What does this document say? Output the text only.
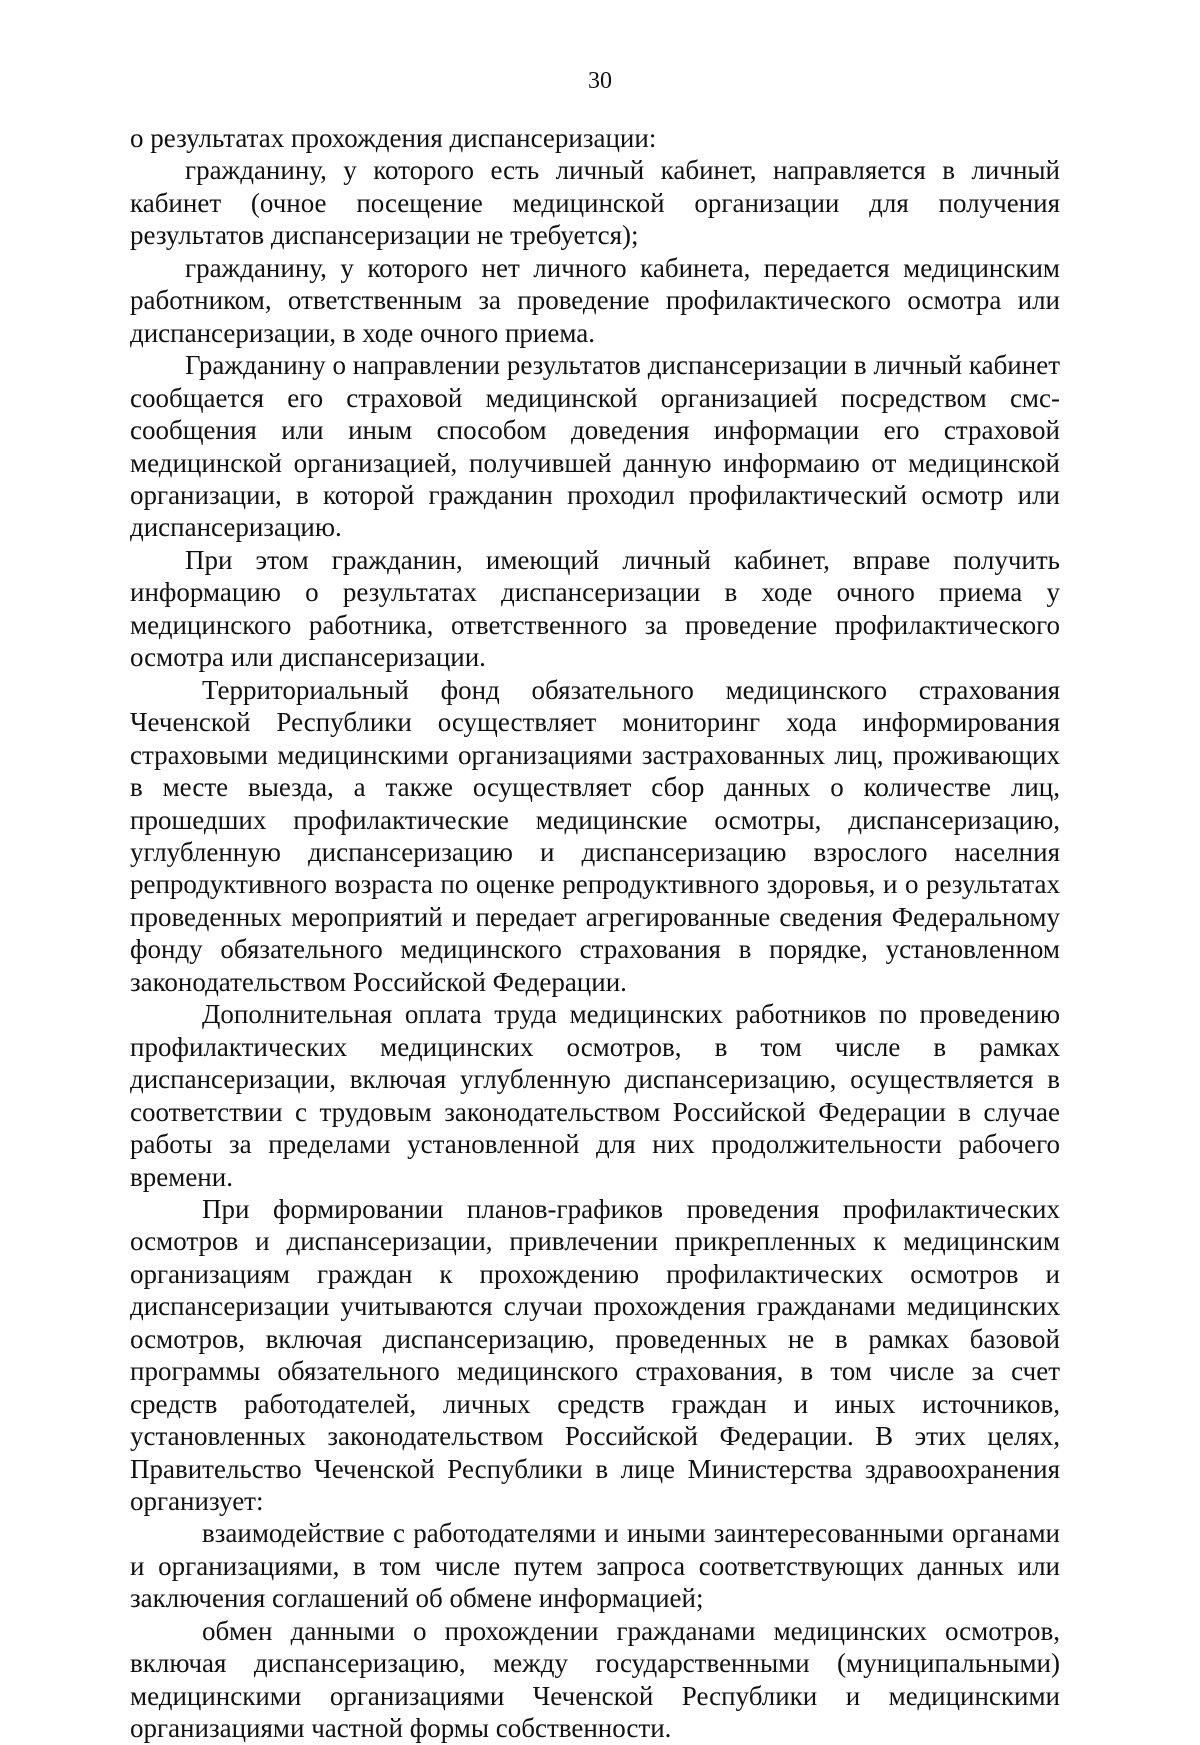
30

о результатах прохождения диспансеризации:

гражданину, у которого есть личный кабинет, направляется в личный кабинет (очное посещение медицинской организации для получения результатов диспансеризации не требуется);

гражданину, у которого нет личного кабинета, передается медицинским работником, ответственным за проведение профилактического осмотра или диспансеризации, в ходе очного приема.

Гражданину о направлении результатов диспансеризации в личный кабинет сообщается его страховой медицинской организацией посредством смс-сообщения или иным способом доведения информации его страховой медицинской организацией, получившей данную информаию от медицинской организации, в которой гражданин проходил профилактический осмотр или диспансеризацию.

При этом гражданин, имеющий личный кабинет, вправе получить информацию о результатах диспансеризации в ходе очного приема у медицинского работника, ответственного за проведение профилактического осмотра или диспансеризации.

Территориальный фонд обязательного медицинского страхования Чеченской Республики осуществляет мониторинг хода информирования страховыми медицинскими организациями застрахованных лиц, проживающих в месте выезда, а также осуществляет сбор данных о количестве лиц, прошедших профилактические медицинские осмотры, диспансеризацию, углубленную диспансеризацию и диспансеризацию взрослого населния репродуктивного возраста по оценке репродуктивного здоровья, и о результатах проведенных мероприятий и передает агрегированные сведения Федеральному фонду обязательного медицинского страхования в порядке, установленном законодательством Российской Федерации.

Дополнительная оплата труда медицинских работников по проведению профилактических медицинских осмотров, в том числе в рамках диспансеризации, включая углубленную диспансеризацию, осуществляется в соответствии с трудовым законодательством Российской Федерации в случае работы за пределами установленной для них продолжительности рабочего времени.

При формировании планов-графиков проведения профилактических осмотров и диспансеризации, привлечении прикрепленных к медицинским организациям граждан к прохождению профилактических осмотров и диспансеризации учитываются случаи прохождения гражданами медицинских осмотров, включая диспансеризацию, проведенных не в рамках базовой программы обязательного медицинского страхования, в том числе за счет средств работодателей, личных средств граждан и иных источников, установленных законодательством Российской Федерации. В этих целях, Правительство Чеченской Республики в лице Министерства здравоохранения организует:

взаимодействие с работодателями и иными заинтересованными органами и организациями, в том числе путем запроса соответствующих данных или заключения соглашений об обмене информацией;

обмен данными о прохождении гражданами медицинских осмотров, включая диспансеризацию, между государственными (муниципальными) медицинскими организациями Чеченской Республики и медицинскими организациями частной формы собственности.
